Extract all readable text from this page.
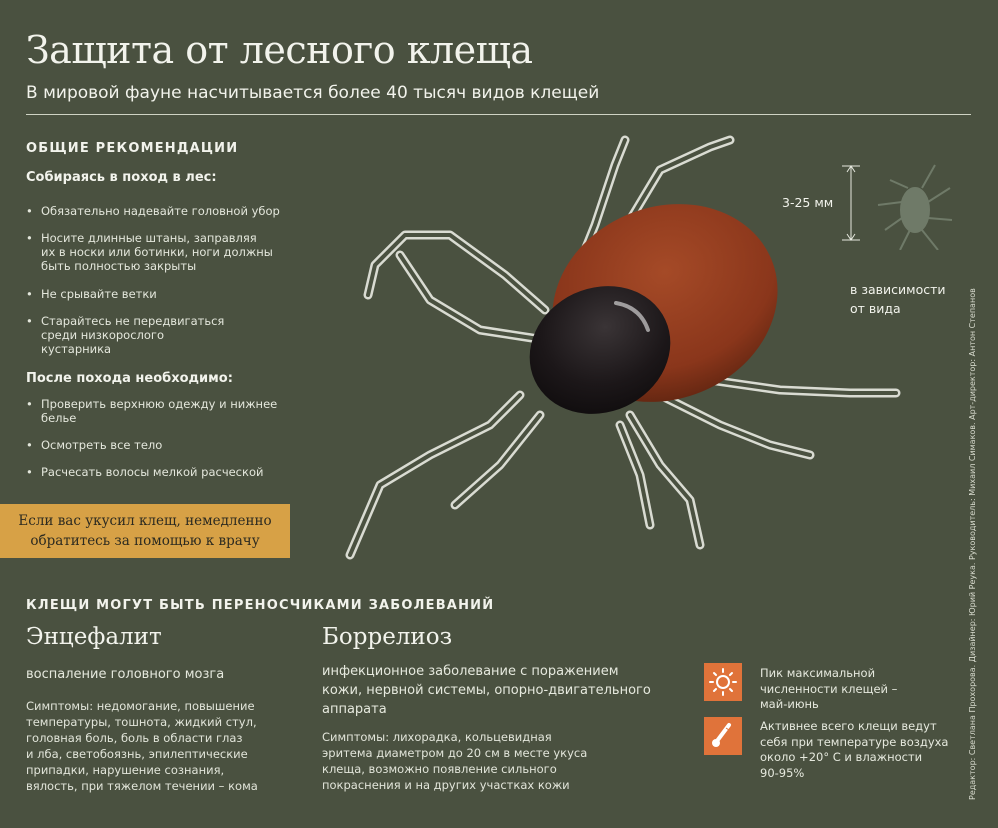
Защита от лесного клеща
В мировой фауне насчитывается более 40 тысяч видов клещей
ОБЩИЕ РЕКОМЕНДАЦИИ
Собираясь в поход в лес:
• Обязательно надевайте головной убор
• Носите длинные штаны, заправляя
их в носки или ботинки, ноги должны
быть полностью закрыты
• Не срывайте ветки
• Старайтесь не передвигаться
среди низкорослого
кустарника
После похода необходимо:
• Проверить верхнюю одежду и нижнее
белье
• Осмотреть все тело
• Расчесать волосы мелкой расческой
Если вас укусил клещ, немедленно
обратитесь за помощью к врачу
3-25 мм
в зависимости
от вида
КЛЕЩИ МОГУТ БЫТЬ ПЕРЕНОСЧИКАМИ ЗАБОЛЕВАНИЙ
Энцефалит
воспаление головного мозга
Симптомы: недомогание, повышение
температуры, тошнота, жидкий стул,
головная боль, боль в области глаз
и лба, светобоязнь, эпилептические
припадки, нарушение сознания,
вялость, при тяжелом течении – кома
Боррелиоз
инфекционное заболевание с поражением
кожи, нервной системы, опорно-двигательного
аппарата
Симптомы: лихорадка, кольцевидная
эритема диаметром до 20 см в месте укуса
клеща, возможно появление сильного
покраснения и на других участках кожи
Пик максимальной
численности клещей –
май-июнь
Активнее всего клещи ведут
себя при температуре воздуха
около +20° С и влажности
90-95%	Редактор: Светлана Прохорова. Дизайнер: Юрий Реука. Руководитель: Михаил Симаков. Арт-директор: Антон Степанов
